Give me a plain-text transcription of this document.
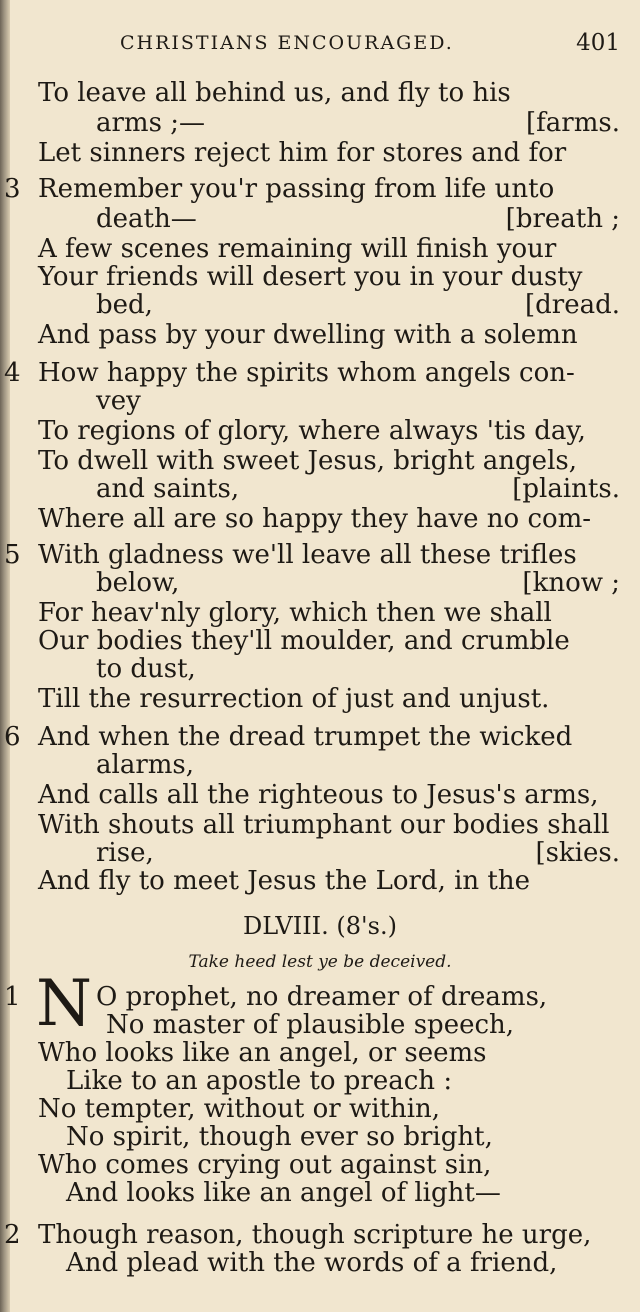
CHRISTIANS ENCOURAGED.	401
To leave all behind us, and fly to his
arms ;—	[farms.
Let sinners reject him for stores and for
3 Remember you'r passing from life unto
death—	[breath ;
A few scenes remaining will finish your
Your friends will desert you in your dusty
bed,	[dread.
And pass by your dwelling with a solemn
4 How happy the spirits whom angels con-
vey
To regions of glory, where always 'tis day,
To dwell with sweet Jesus, bright angels,
and saints,	[plaints.
Where all are so happy they have no com-
5 With gladness we'll leave all these trifles
below,	[know ;
For heav'nly glory, which then we shall
Our bodies they'll moulder, and crumble
to dust,
Till the resurrection of just and unjust.
6 And when the dread trumpet the wicked
alarms,
And calls all the righteous to Jesus's arms,
With shouts all triumphant our bodies shall
rise,	[skies.
And fly to meet Jesus the Lord, in the
DLVIII. (8's.)
Take heed lest ye be deceived.
1 N O prophet, no dreamer of dreams,
No master of plausible speech,
Who looks like an angel, or seems
Like to an apostle to preach :
No tempter, without or within,
No spirit, though ever so bright,
Who comes crying out against sin,
And looks like an angel of light—
2 Though reason, though scripture he urge,
And plead with the words of a friend,
